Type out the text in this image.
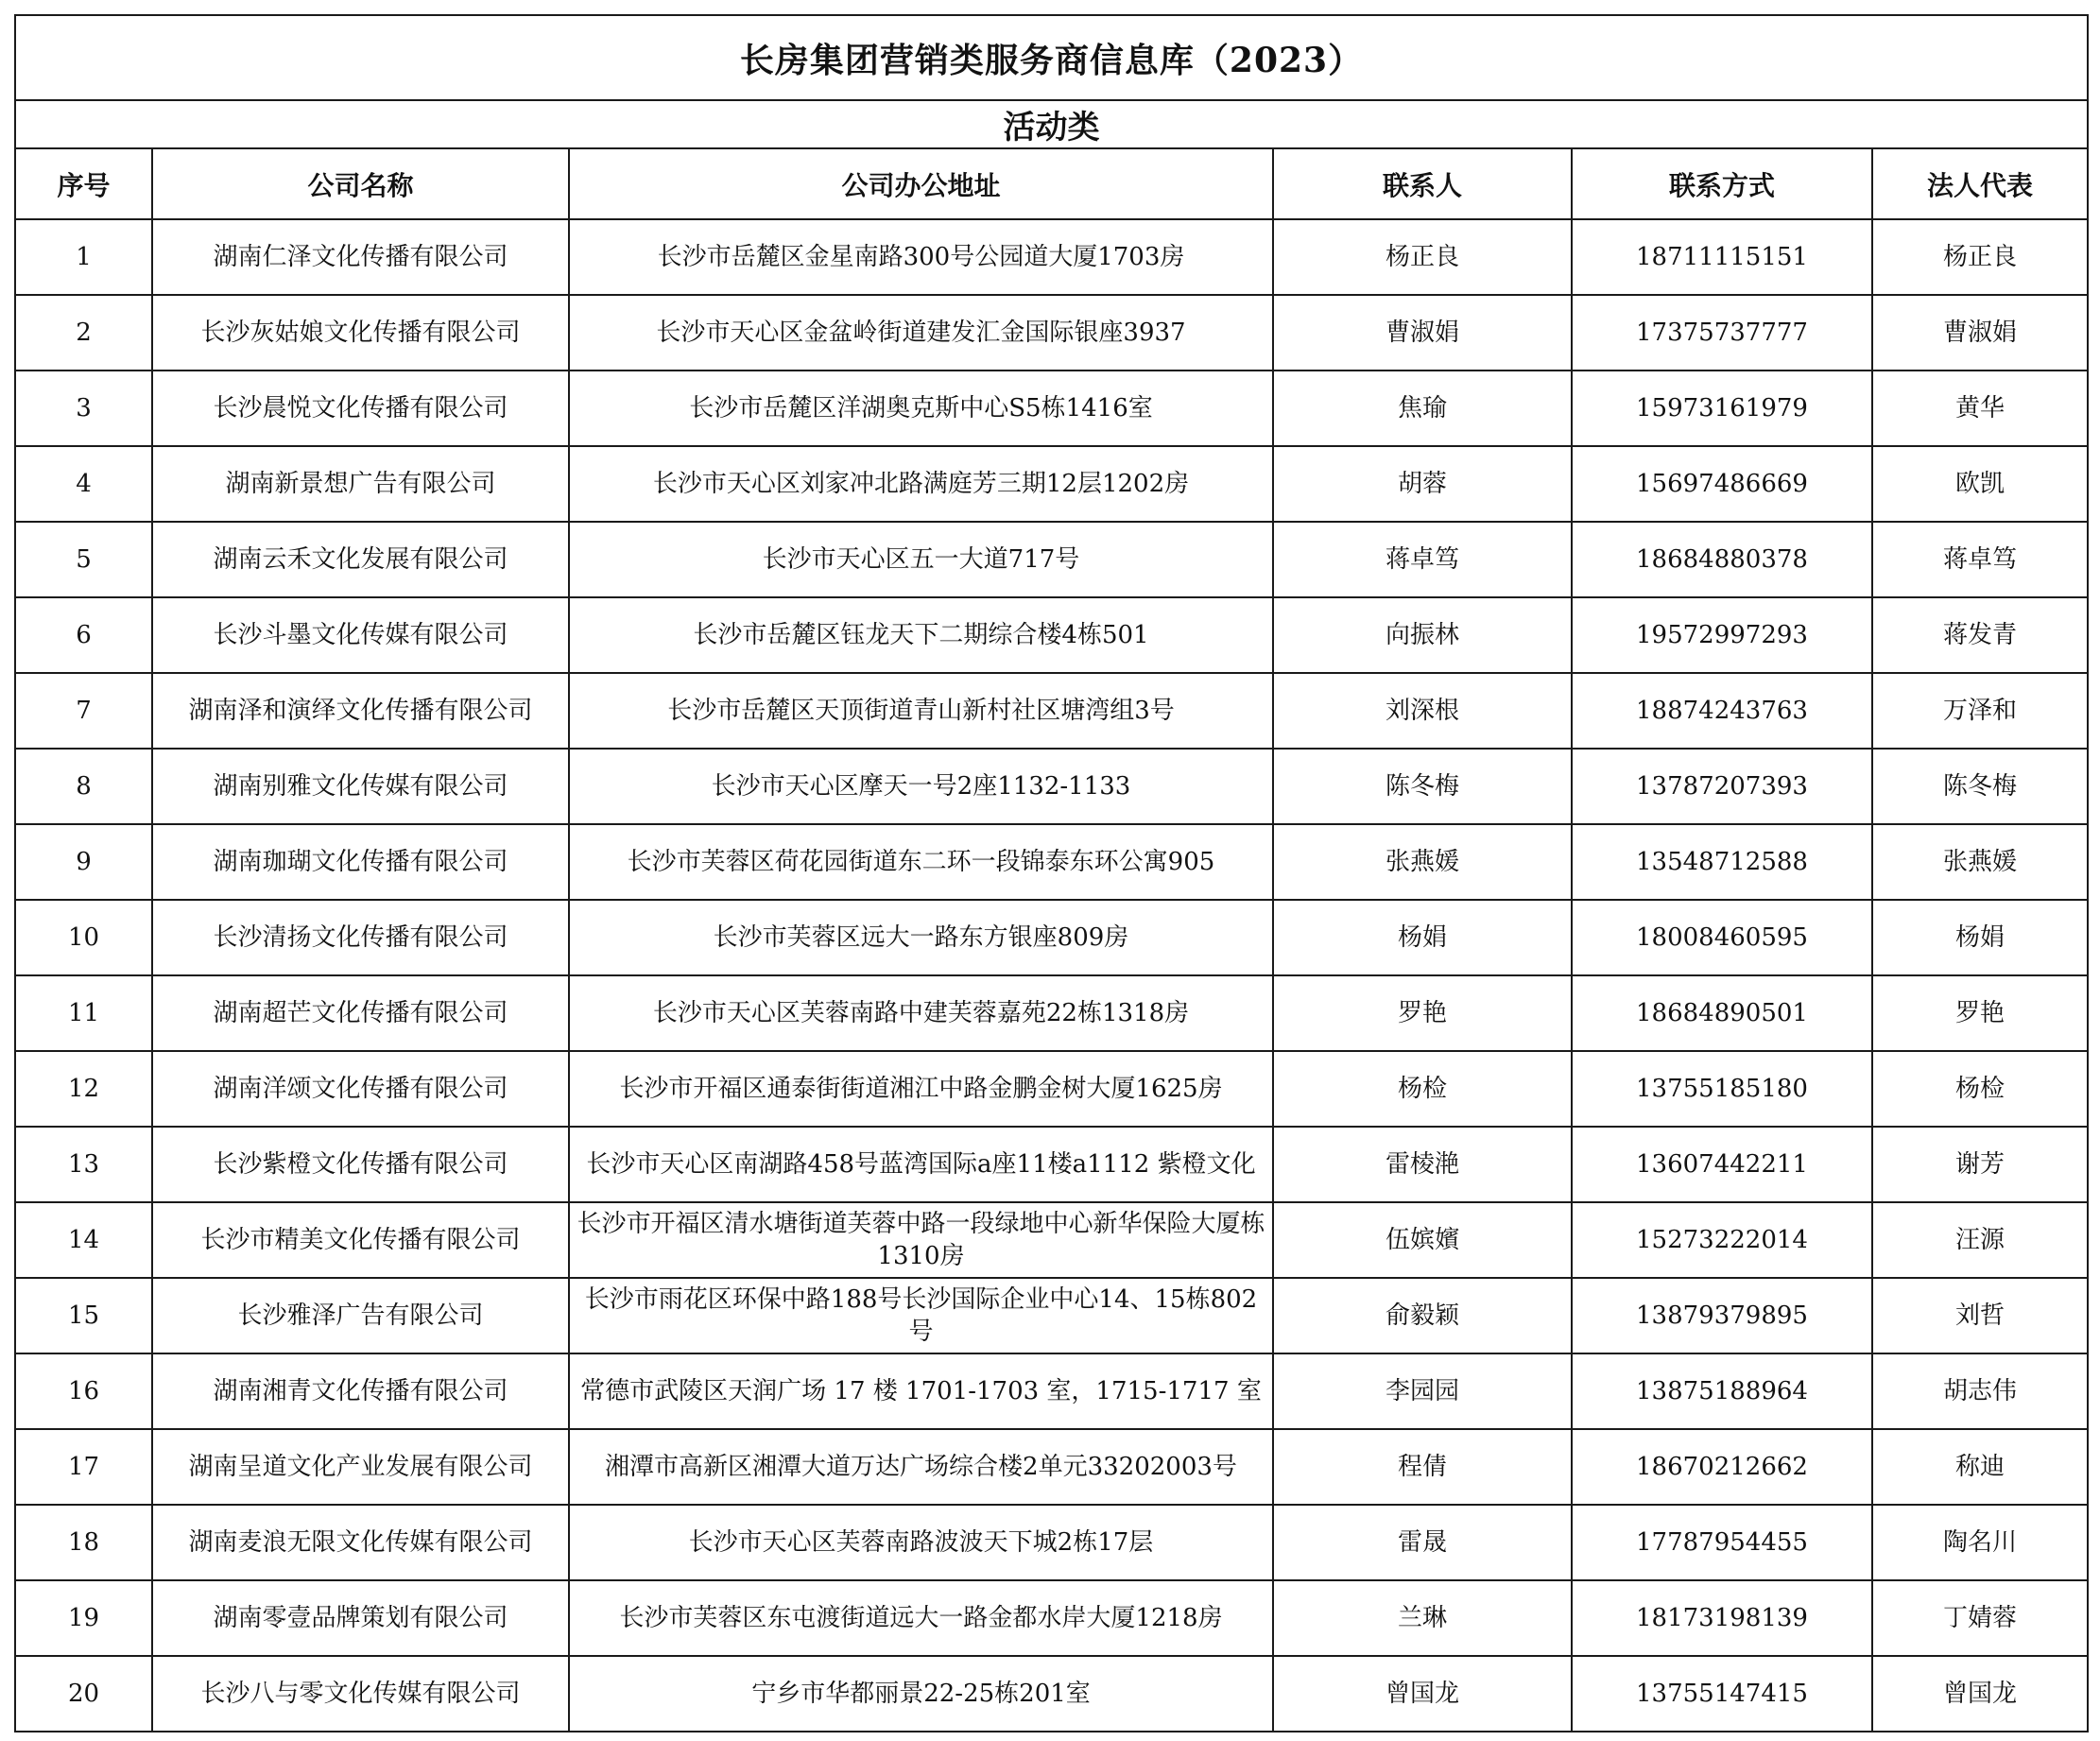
长房集团营销类服务商信息库（2023）					
活动类					
序号	公司名称	公司办公地址	联系人	联系方式	法人代表
1	湖南仁泽文化传播有限公司	长沙市岳麓区金星南路300号公园道大厦1703房	杨正良	18711115151	杨正良
2	长沙灰姑娘文化传播有限公司	长沙市天心区金盆岭街道建发汇金国际银座3937	曹淑娟	17375737777	曹淑娟
3	长沙晨悦文化传播有限公司	长沙市岳麓区洋湖奥克斯中心S5栋1416室	焦瑜	15973161979	黄华
4	湖南新景想广告有限公司	长沙市天心区刘家冲北路满庭芳三期12层1202房	胡蓉	15697486669	欧凯
5	湖南云禾文化发展有限公司	长沙市天心区五一大道717号	蒋卓笃	18684880378	蒋卓笃
6	长沙斗墨文化传媒有限公司	长沙市岳麓区钰龙天下二期综合楼4栋501	向振林	19572997293	蒋发青
7	湖南泽和演绎文化传播有限公司	长沙市岳麓区天顶街道青山新村社区塘湾组3号	刘深根	18874243763	万泽和
8	湖南别雅文化传媒有限公司	长沙市天心区摩天一号2座1132-1133	陈冬梅	13787207393	陈冬梅
9	湖南珈瑚文化传播有限公司	长沙市芙蓉区荷花园街道东二环一段锦泰东环公寓905	张燕媛	13548712588	张燕媛
10	长沙清扬文化传播有限公司	长沙市芙蓉区远大一路东方银座809房	杨娟	18008460595	杨娟
11	湖南超芒文化传播有限公司	长沙市天心区芙蓉南路中建芙蓉嘉苑22栋1318房	罗艳	18684890501	罗艳
12	湖南洋颂文化传播有限公司	长沙市开福区通泰街街道湘江中路金鹏金树大厦1625房	杨检	13755185180	杨检
13	长沙紫橙文化传播有限公司	长沙市天心区南湖路458号蓝湾国际a座11楼a1112 紫橙文化	雷棱滟	13607442211	谢芳
14	长沙市精美文化传播有限公司	长沙市开福区清水塘街道芙蓉中路一段绿地中心新华保险大厦栋1310房	伍嫔嬪	15273222014	汪源
15	长沙雅泽广告有限公司	长沙市雨花区环保中路188号长沙国际企业中心14、15栋802号	俞毅颖	13879379895	刘哲
16	湖南湘青文化传播有限公司	常德市武陵区天润广场 17 楼 1701-1703 室，1715-1717 室	李园园	13875188964	胡志伟
17	湖南呈道文化产业发展有限公司	湘潭市高新区湘潭大道万达广场综合楼2单元33202003号	程倩	18670212662	称迪
18	湖南麦浪无限文化传媒有限公司	长沙市天心区芙蓉南路波波天下城2栋17层	雷晟	17787954455	陶名川
19	湖南零壹品牌策划有限公司	长沙市芙蓉区东屯渡街道远大一路金都水岸大厦1218房	兰琳	18173198139	丁婧蓉
20	长沙八与零文化传媒有限公司	宁乡市华都丽景22-25栋201室	曾国龙	13755147415	曾国龙
